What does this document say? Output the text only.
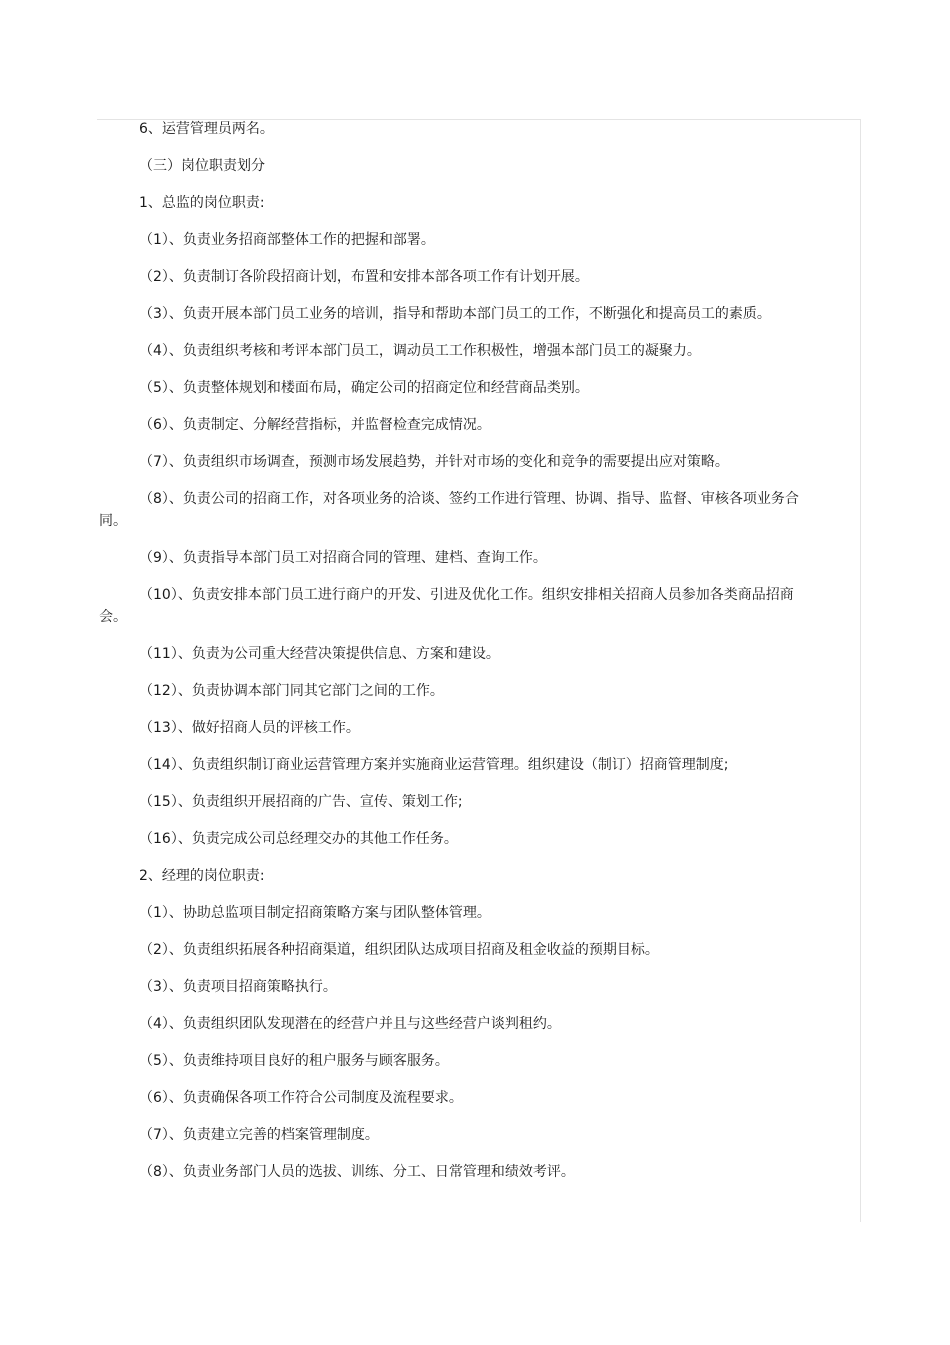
6、运营管理员两名。

（三）岗位职责划分

1、总监的岗位职责:

（1）、负责业务招商部整体工作的把握和部署。

（2）、负责制订各阶段招商计划，布置和安排本部各项工作有计划开展。

（3）、负责开展本部门员工业务的培训，指导和帮助本部门员工的工作，不断强化和提高员工的素质。

（4）、负责组织考核和考评本部门员工，调动员工工作积极性，增强本部门员工的凝聚力。

（5）、负责整体规划和楼面布局，确定公司的招商定位和经营商品类别。

（6）、负责制定、分解经营指标，并监督检查完成情况。

（7）、负责组织市场调查，预测市场发展趋势，并针对市场的变化和竞争的需要提出应对策略。

（8）、负责公司的招商工作，对各项业务的洽谈、签约工作进行管理、协调、指导、监督、审核各项业务合同。

（9）、负责指导本部门员工对招商合同的管理、建档、查询工作。

（10）、负责安排本部门员工进行商户的开发、引进及优化工作。组织安排相关招商人员参加各类商品招商会。

（11）、负责为公司重大经营决策提供信息、方案和建设。

（12）、负责协调本部门同其它部门之间的工作。

（13）、做好招商人员的评核工作。

（14）、负责组织制订商业运营管理方案并实施商业运营管理。组织建设（制订）招商管理制度;

（15）、负责组织开展招商的广告、宣传、策划工作;

（16）、负责完成公司总经理交办的其他工作任务。

2、经理的岗位职责:

（1）、协助总监项目制定招商策略方案与团队整体管理。

（2）、负责组织拓展各种招商渠道，组织团队达成项目招商及租金收益的预期目标。

（3）、负责项目招商策略执行。

（4）、负责组织团队发现潜在的经营户并且与这些经营户谈判租约。

（5）、负责维持项目良好的租户服务与顾客服务。

（6）、负责确保各项工作符合公司制度及流程要求。

（7）、负责建立完善的档案管理制度。

（8）、负责业务部门人员的选拔、训练、分工、日常管理和绩效考评。
